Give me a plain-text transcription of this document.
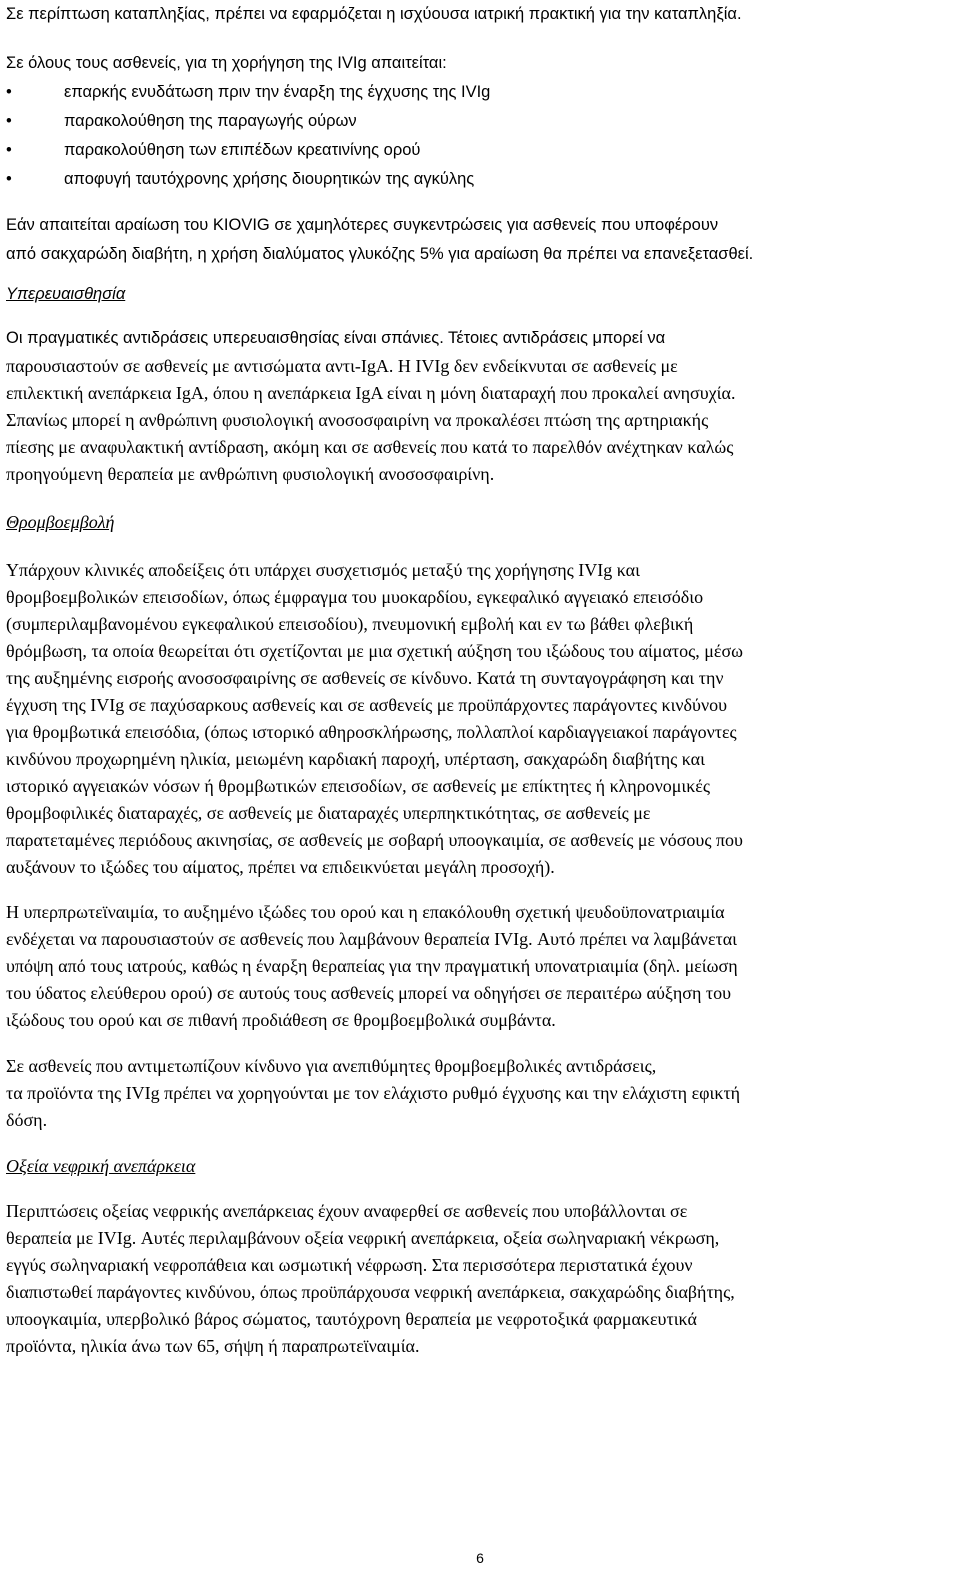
Σε περίπτωση καταπληξίας, πρέπει να εφαρμόζεται η ισχύουσα ιατρική πρακτική για την καταπληξία.

Σε όλους τους ασθενείς, για τη χορήγηση της IVIg απαιτείται:

•	επαρκής ενυδάτωση πριν την έναρξη της έγχυσης της IVIg
•	παρακολούθηση της παραγωγής ούρων
•	παρακολούθηση των επιπέδων κρεατινίνης ορού
•	αποφυγή ταυτόχρονης χρήσης διουρητικών της αγκύλης

Εάν απαιτείται αραίωση του KIOVIG σε χαμηλότερες συγκεντρώσεις για ασθενείς που υποφέρουν

από σακχαρώδη διαβήτη, η χρήση διαλύματος γλυκόζης 5% για αραίωση θα πρέπει να επανεξετασθεί.

Υπερευαισθησία

Οι πραγματικές αντιδράσεις υπερευαισθησίας είναι σπάνιες. Τέτοιες αντιδράσεις μπορεί να

παρουσιαστούν σε ασθενείς με αντισώματα αντι-IgA. Η IVIg δεν ενδείκνυται σε ασθενείς με

επιλεκτική ανεπάρκεια IgA, όπου η ανεπάρκεια IgA είναι η μόνη διαταραχή που προκαλεί ανησυχία.

Σπανίως μπορεί η ανθρώπινη φυσιολογική ανοσοσφαιρίνη να προκαλέσει πτώση της αρτηριακής

πίεσης με αναφυλακτική αντίδραση, ακόμη και σε ασθενείς που κατά το παρελθόν ανέχτηκαν καλώς

προηγούμενη θεραπεία με ανθρώπινη φυσιολογική ανοσοσφαιρίνη.

Θρομβοεμβολή

Υπάρχουν κλινικές αποδείξεις ότι υπάρχει συσχετισμός μεταξύ της χορήγησης IVIg και

θρομβοεμβολικών επεισοδίων, όπως έμφραγμα του μυοκαρδίου, εγκεφαλικό αγγειακό επεισόδιο

(συμπεριλαμβανομένου εγκεφαλικού επεισοδίου), πνευμονική εμβολή και εν τω βάθει φλεβική

θρόμβωση, τα οποία θεωρείται ότι σχετίζονται με μια σχετική αύξηση του ιξώδους του αίματος, μέσω

της αυξημένης εισροής ανοσοσφαιρίνης σε ασθενείς σε κίνδυνο. Κατά τη συνταγογράφηση και την

έγχυση της IVIg σε παχύσαρκους ασθενείς και σε ασθενείς με προϋπάρχοντες παράγοντες κινδύνου

για θρομβωτικά επεισόδια, (όπως ιστορικό αθηροσκλήρωσης, πολλαπλοί καρδιαγγειακοί παράγοντες

κινδύνου προχωρημένη ηλικία, μειωμένη καρδιακή παροχή, υπέρταση, σακχαρώδη διαβήτης και

ιστορικό αγγειακών νόσων ή θρομβωτικών επεισοδίων, σε ασθενείς με επίκτητες ή κληρονομικές

θρομβοφιλικές διαταραχές, σε ασθενείς με διαταραχές υπερπηκτικότητας, σε ασθενείς με

παρατεταμένες περιόδους ακινησίας, σε ασθενείς με σοβαρή υποογκαιμία, σε ασθενείς με νόσους που

αυξάνουν το ιξώδες του αίματος, πρέπει να επιδεικνύεται μεγάλη προσοχή).

Η υπερπρωτεϊναιμία, το αυξημένο ιξώδες του ορού και η επακόλουθη σχετική ψευδοϋπονατριαιμία

ενδέχεται να παρουσιαστούν σε ασθενείς που λαμβάνουν θεραπεία IVIg. Αυτό πρέπει να λαμβάνεται

υπόψη από τους ιατρούς, καθώς η έναρξη θεραπείας για την πραγματική υπονατριαιμία (δηλ. μείωση

του ύδατος ελεύθερου ορού) σε αυτούς τους ασθενείς μπορεί να οδηγήσει σε περαιτέρω αύξηση του

ιξώδους του ορού και σε πιθανή προδιάθεση σε θρομβοεμβολικά συμβάντα.

Σε ασθενείς που αντιμετωπίζουν κίνδυνο για ανεπιθύμητες θρομβοεμβολικές αντιδράσεις,

τα προϊόντα της IVIg πρέπει να χορηγούνται με τον ελάχιστο ρυθμό έγχυσης και την ελάχιστη εφικτή

δόση.

Οξεία νεφρική ανεπάρκεια

Περιπτώσεις οξείας νεφρικής ανεπάρκειας έχουν αναφερθεί σε ασθενείς που υποβάλλονται σε

θεραπεία με IVIg. Αυτές περιλαμβάνουν οξεία νεφρική ανεπάρκεια, οξεία σωληναριακή νέκρωση,

εγγύς σωληναριακή νεφροπάθεια και ωσμωτική νέφρωση. Στα περισσότερα περιστατικά έχουν

διαπιστωθεί παράγοντες κινδύνου, όπως προϋπάρχουσα νεφρική ανεπάρκεια, σακχαρώδης διαβήτης,

υποογκαιμία, υπερβολικό βάρος σώματος, ταυτόχρονη θεραπεία με νεφροτοξικά φαρμακευτικά

προϊόντα, ηλικία άνω των 65, σήψη ή παραπρωτεϊναιμία.

6
